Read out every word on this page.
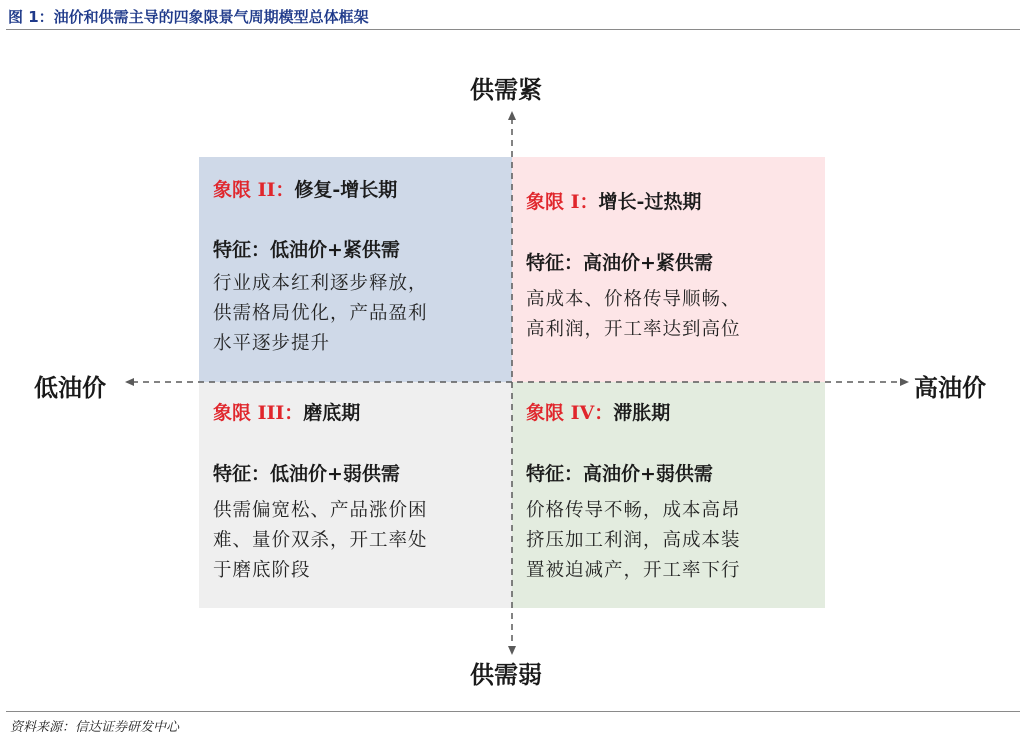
图 1：油价和供需主导的四象限景气周期模型总体框架
象限 II：修复-增长期
特征：低油价+紧供需
行业成本红利逐步释放，
供需格局优化，产品盈利
水平逐步提升
象限 I：增长-过热期
特征：高油价+紧供需
高成本、价格传导顺畅、
高利润，开工率达到高位
象限 III：磨底期
特征：低油价+弱供需
供需偏宽松、产品涨价困
难、量价双杀，开工率处
于磨底阶段
象限 IV：滞胀期
特征：高油价+弱供需
价格传导不畅，成本高昂
挤压加工利润，高成本装
置被迫减产，开工率下行
供需紧
供需弱
低油价	高油价
资料来源：信达证券研发中心
